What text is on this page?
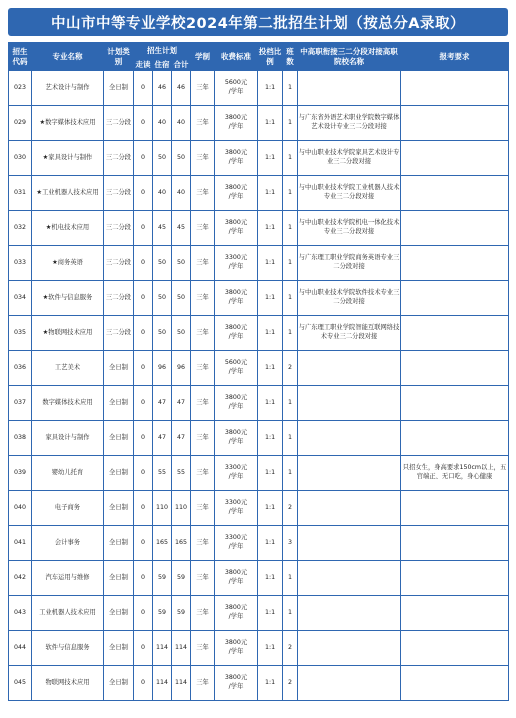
中山市中等专业学校2024年第二批招生计划（按总分A录取）
招生代码	专业名称	计划类别	招生计划			学制	收费标准	投档比例	班数	中高职衔接三二分段对接高职院校名称	报考要求
			走读	住宿	合计						
023	艺术设计与制作	全日制	0	46	46	三年	5600元
/学年	1:1	1		
029	★数字媒体技术应用	三二分段	0	40	40	三年	3800元
/学年	1:1	1	与广东省外语艺术职业学院数字媒体艺术设计专业三二分段对接	
030	★家具设计与制作	三二分段	0	50	50	三年	3800元
/学年	1:1	1	与中山职业技术学院家具艺术设计专业三二分段对接	
031	★工业机器人技术应用	三二分段	0	40	40	三年	3800元
/学年	1:1	1	与中山职业技术学院工业机器人技术专业三二分段对接	
032	★机电技术应用	三二分段	0	45	45	三年	3800元
/学年	1:1	1	与中山职业技术学院机电一体化技术专业三二分段对接	
033	★商务英语	三二分段	0	50	50	三年	3300元
/学年	1:1	1	与广东理工职业学院商务英语专业三二分段对接	
034	★软件与信息服务	三二分段	0	50	50	三年	3800元
/学年	1:1	1	与中山职业技术学院软件技术专业三二分段对接	
035	★物联网技术应用	三二分段	0	50	50	三年	3800元
/学年	1:1	1	与广东理工职业学院智能互联网络技术专业三二分段对接	
036	工艺美术	全日制	0	96	96	三年	5600元
/学年	1:1	2		
037	数字媒体技术应用	全日制	0	47	47	三年	3800元
/学年	1:1	1		
038	家具设计与制作	全日制	0	47	47	三年	3800元
/学年	1:1	1		
039	婴幼儿托育	全日制	0	55	55	三年	3300元
/学年	1:1	1		只招女生，身高要求150cm以上，五官端正、无口吃，身心健康
040	电子商务	全日制	0	110	110	三年	3300元
/学年	1:1	2		
041	会计事务	全日制	0	165	165	三年	3300元
/学年	1:1	3		
042	汽车运用与维修	全日制	0	59	59	三年	3800元
/学年	1:1	1		
043	工业机器人技术应用	全日制	0	59	59	三年	3800元
/学年	1:1	1		
044	软件与信息服务	全日制	0	114	114	三年	3800元
/学年	1:1	2		
045	物联网技术应用	全日制	0	114	114	三年	3800元
/学年	1:1	2		
